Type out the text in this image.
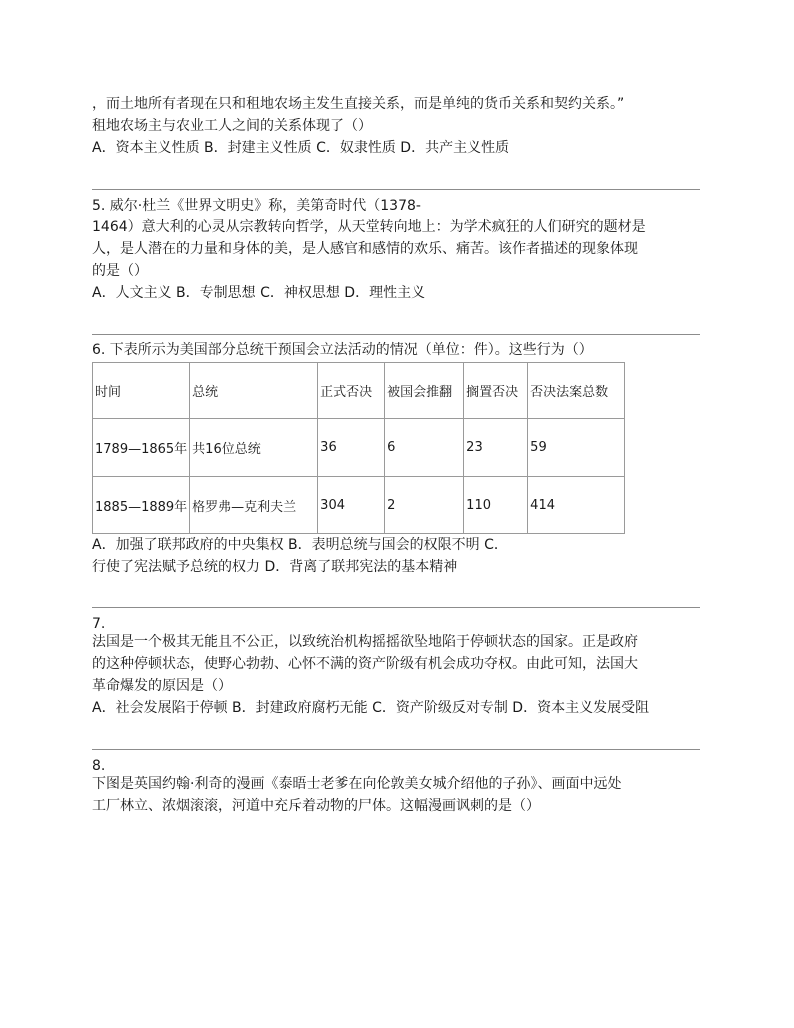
，而土地所有者现在只和租地农场主发生直接关系，而是单纯的货币关系和契约关系。”
租地农场主与农业工人之间的关系体现了（）
A．资本主义性质 B．封建主义性质 C．奴隶性质 D．共产主义性质
5. 威尔·杜兰《世界文明史》称，美第奇时代（1378-
1464）意大利的心灵从宗教转向哲学，从天堂转向地上：为学术疯狂的人们研究的题材是
人，是人潜在的力量和身体的美，是人感官和感情的欢乐、痛苦。该作者描述的现象体现
的是（）
A．人文主义 B．专制思想 C．神权思想 D．理性主义
6. 下表所示为美国部分总统干预国会立法活动的情况（单位：件）。这些行为（）
时间	总统	正式否决	被国会推翻	搁置否决	否决法案总数
1789—1865年	共16位总统	36	6	23	59
1885—1889年	格罗弗—克利夫兰	304	2	110	414
A．加强了联邦政府的中央集权 B．表明总统与国会的权限不明 C．
行使了宪法赋予总统的权力 D．背离了联邦宪法的基本精神
7.
法国是一个极其无能且不公正，以致统治机构摇摇欲坠地陷于停顿状态的国家。正是政府
的这种停顿状态，使野心勃勃、心怀不满的资产阶级有机会成功夺权。由此可知，法国大
革命爆发的原因是（）
A．社会发展陷于停顿 B．封建政府腐朽无能 C．资产阶级反对专制 D．资本主义发展受阻
8.
下图是英国约翰·利奇的漫画《泰晤士老爹在向伦敦美女城介绍他的子孙》、画面中远处
工厂林立、浓烟滚滚，河道中充斥着动物的尸体。这幅漫画讽刺的是（）
